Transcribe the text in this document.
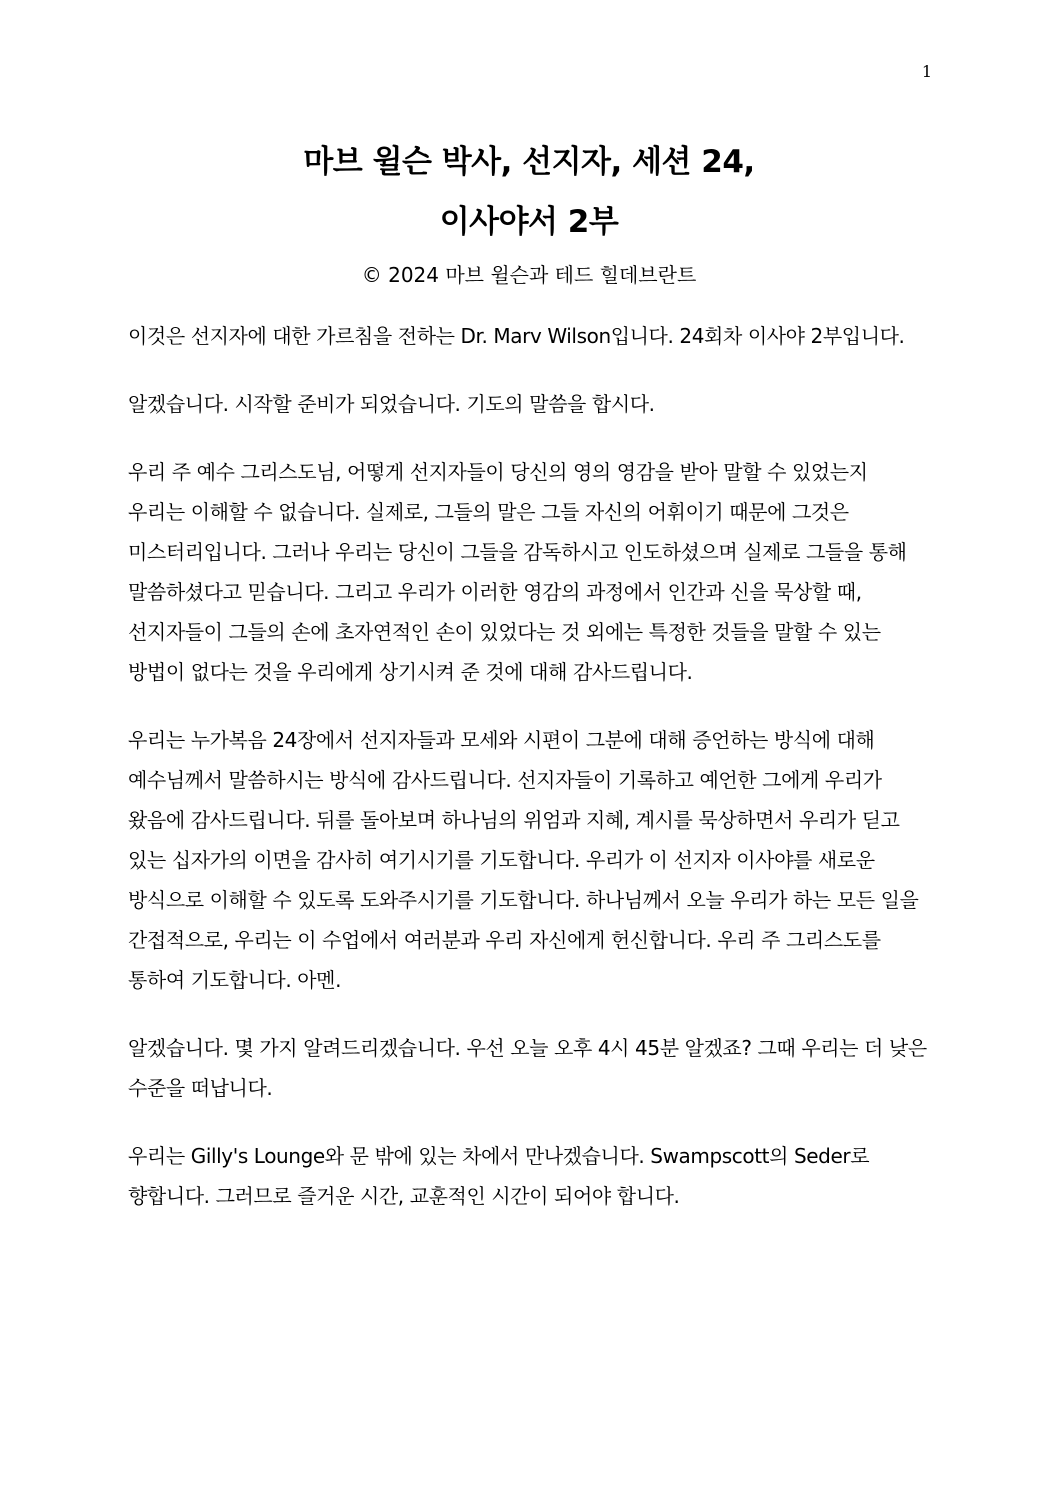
1
마브 윌슨 박사, 선지자, 세션 24,
이사야서 2부
© 2024 마브 윌슨과 테드 힐데브란트

이것은 선지자에 대한 가르침을 전하는 Dr. Marv Wilson입니다. 24회차 이사야 2부입니다.

알겠습니다. 시작할 준비가 되었습니다. 기도의 말씀을 합시다.

우리 주 예수 그리스도님, 어떻게 선지자들이 당신의 영의 영감을 받아 말할 수 있었는지 우리는 이해할 수 없습니다. 실제로, 그들의 말은 그들 자신의 어휘이기 때문에 그것은 미스터리입니다. 그러나 우리는 당신이 그들을 감독하시고 인도하셨으며 실제로 그들을 통해 말씀하셨다고 믿습니다. 그리고 우리가 이러한 영감의 과정에서 인간과 신을 묵상할 때, 선지자들이 그들의 손에 초자연적인 손이 있었다는 것 외에는 특정한 것들을 말할 수 있는 방법이 없다는 것을 우리에게 상기시켜 준 것에 대해 감사드립니다.

우리는 누가복음 24장에서 선지자들과 모세와 시편이 그분에 대해 증언하는 방식에 대해 예수님께서 말씀하시는 방식에 감사드립니다. 선지자들이 기록하고 예언한 그에게 우리가 왔음에 감사드립니다. 뒤를 돌아보며 하나님의 위엄과 지혜, 계시를 묵상하면서 우리가 딛고 있는 십자가의 이면을 감사히 여기시기를 기도합니다. 우리가 이 선지자 이사야를 새로운 방식으로 이해할 수 있도록 도와주시기를 기도합니다. 하나님께서 오늘 우리가 하는 모든 일을 간접적으로, 우리는 이 수업에서 여러분과 우리 자신에게 헌신합니다. 우리 주 그리스도를 통하여 기도합니다. 아멘.

알겠습니다. 몇 가지 알려드리겠습니다. 우선 오늘 오후 4시 45분 알겠죠? 그때 우리는 더 낮은 수준을 떠납니다.

우리는 Gilly's Lounge와 문 밖에 있는 차에서 만나겠습니다. Swampscott의 Seder로 향합니다. 그러므로 즐거운 시간, 교훈적인 시간이 되어야 합니다.
